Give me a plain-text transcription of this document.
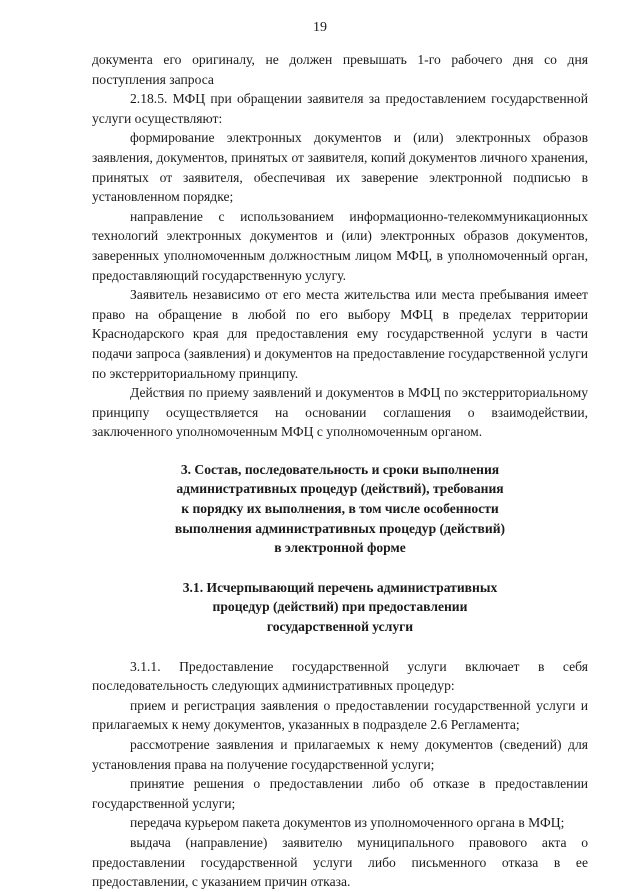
19

документа его оригиналу, не должен превышать 1-го рабочего дня со дня поступления запроса

2.18.5. МФЦ при обращении заявителя за предоставлением государственной услуги осуществляют:

формирование электронных документов и (или) электронных образов заявления, документов, принятых от заявителя, копий документов личного хранения, принятых от заявителя, обеспечивая их заверение электронной подписью в установленном порядке;

направление с использованием информационно-телекоммуникационных технологий электронных документов и (или) электронных образов документов, заверенных уполномоченным должностным лицом МФЦ, в уполномоченный орган, предоставляющий государственную услугу.

Заявитель независимо от его места жительства или места пребывания имеет право на обращение в любой по его выбору МФЦ в пределах территории Краснодарского края для предоставления ему государственной услуги в части подачи запроса (заявления) и документов на предоставление государственной услуги по экстерриториальному принципу.

Действия по приему заявлений и документов в МФЦ по экстерриториальному принципу осуществляется на основании соглашения о взаимодействии, заключенного уполномоченным МФЦ с уполномоченным органом.

3. Состав, последовательность и сроки выполнения
административных процедур (действий), требования
к порядку их выполнения, в том числе особенности
выполнения административных процедур (действий)
в электронной форме
3.1. Исчерпывающий перечень административных
процедур (действий) при предоставлении
государственной услуги

3.1.1. Предоставление государственной услуги включает в себя последовательность следующих административных процедур:

прием и регистрация заявления о предоставлении государственной услуги и прилагаемых к нему документов, указанных в подразделе 2.6 Регламента;

рассмотрение заявления и прилагаемых к нему документов (сведений) для установления права на получение государственной услуги;

принятие решения о предоставлении либо об отказе в предоставлении государственной услуги;

передача курьером пакета документов из уполномоченного органа в МФЦ;

выдача (направление) заявителю муниципального правового акта о предоставлении государственной услуги либо письменного отказа в ее предоставлении, с указанием причин отказа.
